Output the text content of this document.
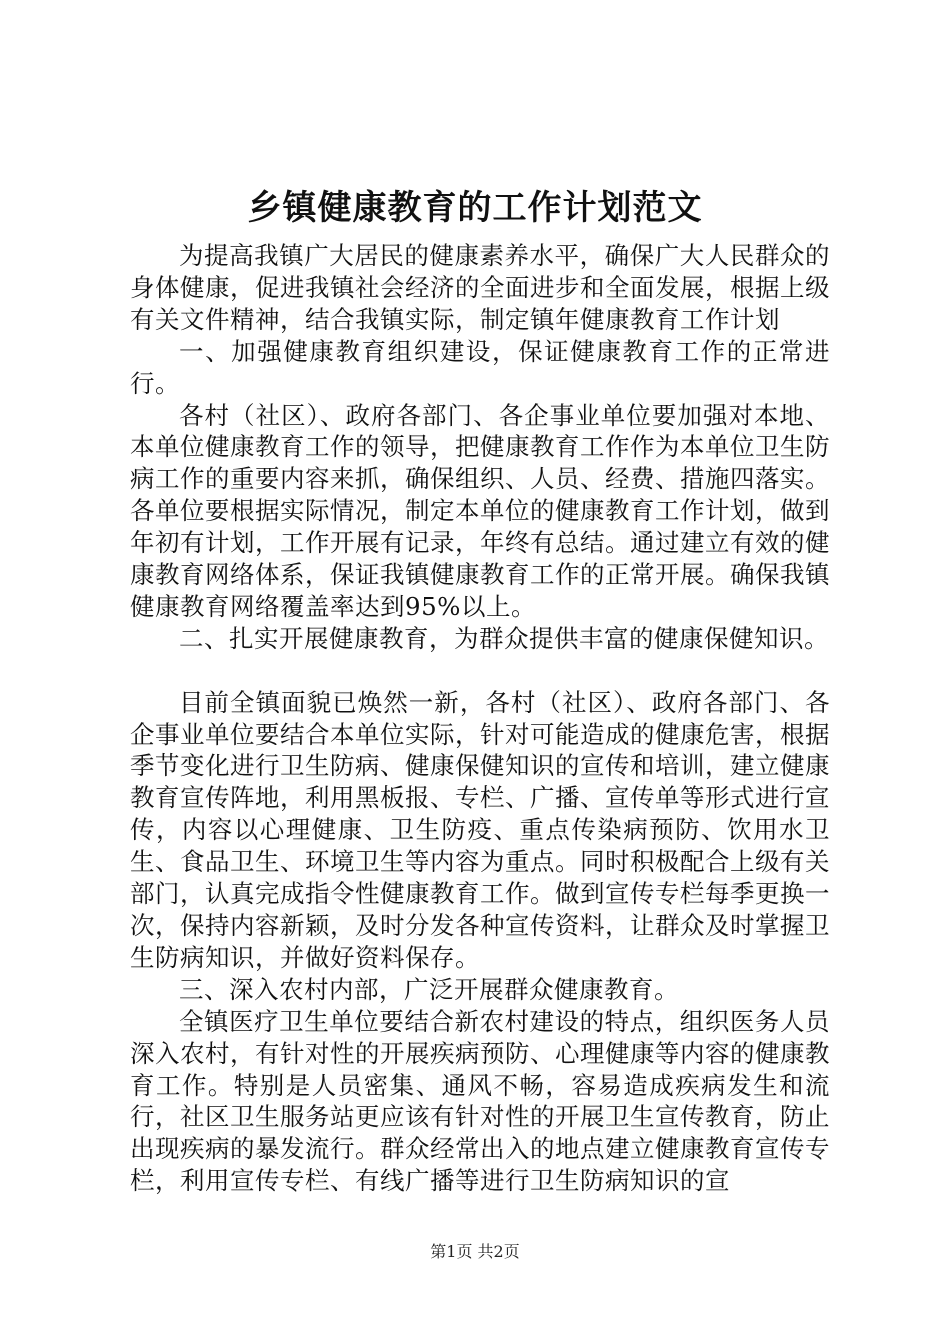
乡镇健康教育的工作计划范文

为提高我镇广大居民的健康素养水平，确保广大人民群众的身体健康，促进我镇社会经济的全面进步和全面发展，根据上级有关文件精神，结合我镇实际，制定镇年健康教育工作计划

一、加强健康教育组织建设，保证健康教育工作的正常进行。

各村（社区）、政府各部门、各企事业单位要加强对本地、本单位健康教育工作的领导，把健康教育工作作为本单位卫生防病工作的重要内容来抓，确保组织、人员、经费、措施四落实。各单位要根据实际情况，制定本单位的健康教育工作计划，做到年初有计划，工作开展有记录，年终有总结。通过建立有效的健康教育网络体系，保证我镇健康教育工作的正常开展。确保我镇健康教育网络覆盖率达到95%以上。

二、扎实开展健康教育，为群众提供丰富的健康保健知识。

目前全镇面貌已焕然一新，各村（社区）、政府各部门、各企事业单位要结合本单位实际，针对可能造成的健康危害，根据季节变化进行卫生防病、健康保健知识的宣传和培训，建立健康教育宣传阵地，利用黑板报、专栏、广播、宣传单等形式进行宣传，内容以心理健康、卫生防疫、重点传染病预防、饮用水卫生、食品卫生、环境卫生等内容为重点。同时积极配合上级有关部门，认真完成指令性健康教育工作。做到宣传专栏每季更换一次，保持内容新颖，及时分发各种宣传资料，让群众及时掌握卫生防病知识，并做好资料保存。

三、深入农村内部，广泛开展群众健康教育。

全镇医疗卫生单位要结合新农村建设的特点，组织医务人员深入农村，有针对性的开展疾病预防、心理健康等内容的健康教育工作。特别是人员密集、通风不畅，容易造成疾病发生和流行，社区卫生服务站更应该有针对性的开展卫生宣传教育，防止出现疾病的暴发流行。群众经常出入的地点建立健康教育宣传专栏，利用宣传专栏、有线广播等进行卫生防病知识的宣

第1页 共2页
